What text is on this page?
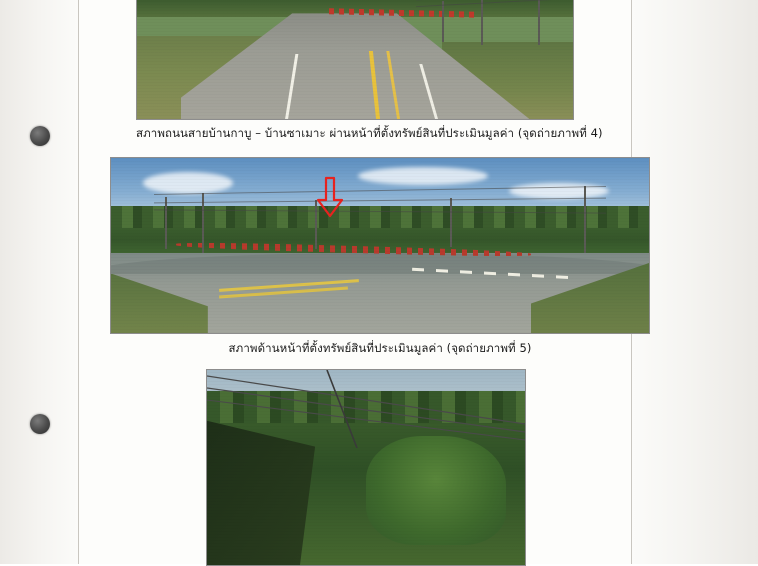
สภาพถนนสายบ้านกาบู – บ้านซาเมาะ ผ่านหน้าที่ตั้งทรัพย์สินที่ประเมินมูลค่า (จุดถ่ายภาพที่ 4)
สภาพด้านหน้าที่ตั้งทรัพย์สินที่ประเมินมูลค่า (จุดถ่ายภาพที่ 5)
